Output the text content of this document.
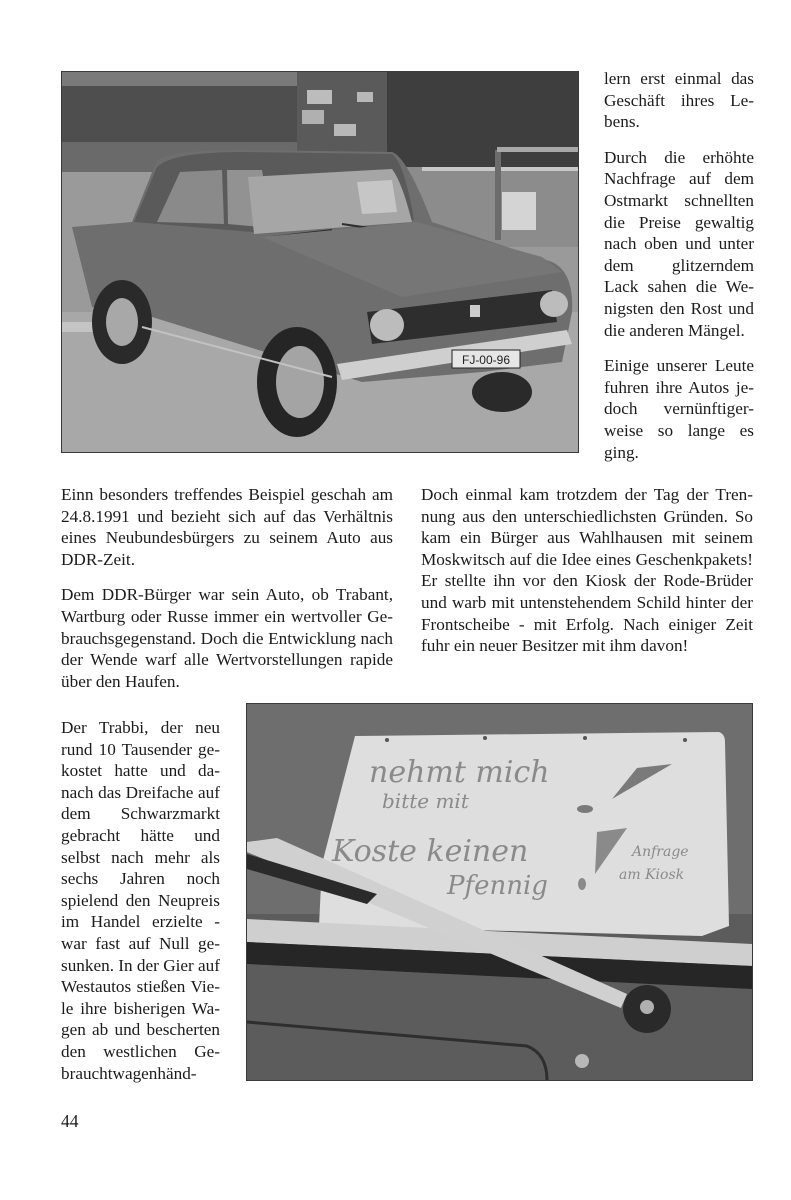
FJ-00-96

lern erst einmal das
Geschäft ihres Le-
bens.

Durch die erhöhte
Nachfrage auf dem
Ostmarkt schnellten
die Preise gewaltig
nach oben und unter
dem glitzerndem
Lack sahen die We-
nigsten den Rost und
die anderen Mängel.

Einige unserer Leute
fuhren ihre Autos je-
doch vernünftiger-
weise so lange es
ging.

Einn besonders treffendes Beispiel geschah am
24.8.1991 und bezieht sich auf das Verhältnis
eines Neubundesbürgers zu seinem Auto aus
DDR-Zeit.

Dem DDR-Bürger war sein Auto, ob Trabant,
Wartburg oder Russe immer ein wertvoller Ge-
brauchsgegenstand. Doch die Entwicklung nach
der Wende warf alle Wertvorstellungen rapide
über den Haufen.

Doch einmal kam trotzdem der Tag der Tren-
nung aus den unterschiedlichsten Gründen. So
kam ein Bürger aus Wahlhausen mit seinem
Moskwitsch auf die Idee eines Geschenkpakets!
Er stellte ihn vor den Kiosk der Rode-Brüder
und warb mit untenstehendem Schild hinter der
Frontscheibe - mit Erfolg. Nach einiger Zeit
fuhr ein neuer Besitzer mit ihm davon!

Der Trabbi, der neu
rund 10 Tausender ge-
kostet hatte und da-
nach das Dreifache auf
dem Schwarzmarkt
gebracht hätte und
selbst nach mehr als
sechs Jahren noch
spielend den Neupreis
im Handel erzielte -
war fast auf Null ge-
sunken. In der Gier auf
Westautos stießen Vie-
le ihre bisherigen Wa-
gen ab und bescherten
den westlichen Ge-
brauchtwagenhänd-

nehmt mich
bitte mit
Koste keinen
Pfennig
Anfrage
am Kiosk
44
